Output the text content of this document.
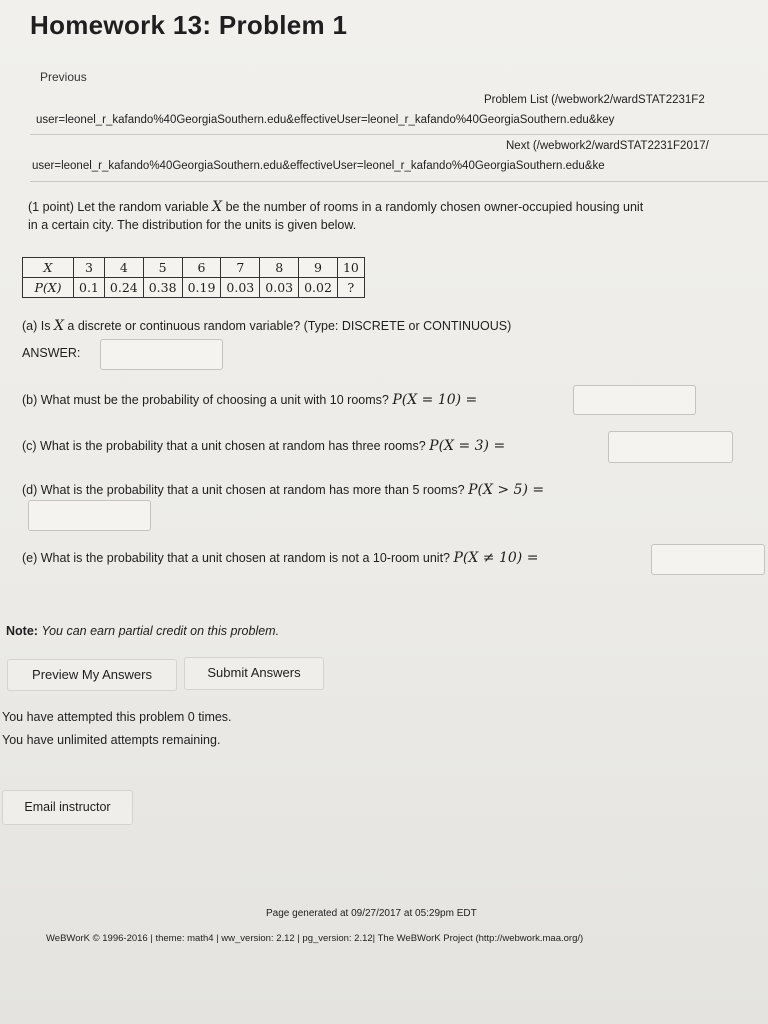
Homework 13: Problem 1
Previous
Problem List (/webwork2/wardSTAT2231F2
user=leonel_r_kafando%40GeorgiaSouthern.edu&effectiveUser=leonel_r_kafando%40GeorgiaSouthern.edu&key
Next (/webwork2/wardSTAT2231F2017/
user=leonel_r_kafando%40GeorgiaSouthern.edu&effectiveUser=leonel_r_kafando%40GeorgiaSouthern.edu&ke
(1 point) Let the random variable X be the number of rooms in a randomly chosen owner-occupied housing unit
in a certain city. The distribution for the units is given below.
X	3	4	5	6	7	8	9	10
P(X)	0.1	0.24	0.38	0.19	0.03	0.03	0.02	?
(a) Is X a discrete or continuous random variable? (Type: DISCRETE or CONTINUOUS)
ANSWER:
(b) What must be the probability of choosing a unit with 10 rooms? P(X = 10) =
(c) What is the probability that a unit chosen at random has three rooms? P(X = 3) =
(d) What is the probability that a unit chosen at random has more than 5 rooms? P(X > 5) =
(e) What is the probability that a unit chosen at random is not a 10-room unit? P(X ≠ 10) =
Note: You can earn partial credit on this problem.
Preview My Answers	Submit Answers
You have attempted this problem 0 times.
You have unlimited attempts remaining.
Email instructor
Page generated at 09/27/2017 at 05:29pm EDT
WeBWorK © 1996-2016 | theme: math4 | ww_version: 2.12 | pg_version: 2.12| The WeBWorK Project (http://webwork.maa.org/)
